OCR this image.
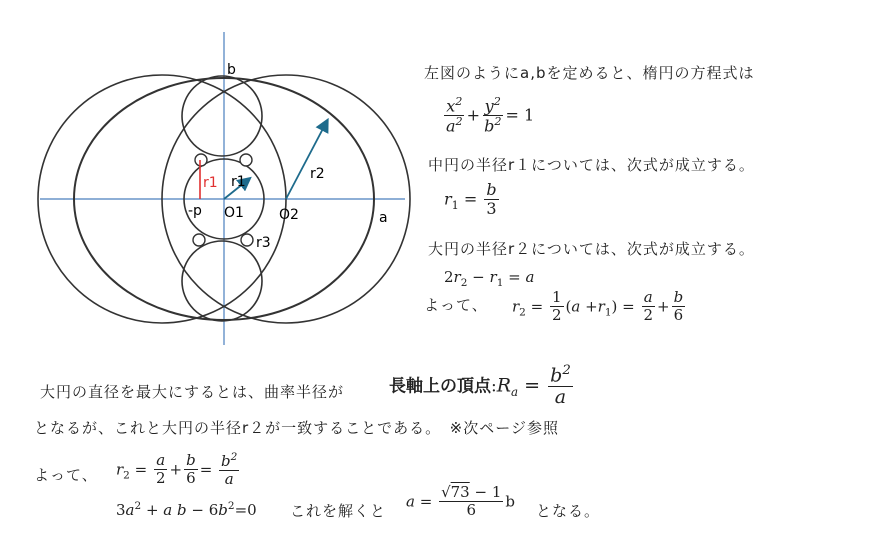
b
a
r1 r1	r2
r3
-p O1	O2
左図のようにa,bを定めると、楕円の方程式は
$\frac{x^2}{a^2} + \frac{y^2}{b^2} = 1$
中円の半径r１については、次式が成立する。
$r_1 = \frac{b}{3}$
大円の半径r２については、次式が成立する。
$2r_2 - r_1 = a$
よって、 $r_2 = \frac{1}{2} (a +r_1) = \frac{a}{2} + \frac{b}{6}$
大円の直径を最大にするとは、曲率半径が	長軸上の頂点$:R_a = \frac{b^2}{a}$
となるが、これと大円の半径r２が一致することである。　※次ページ参照
よって、 $r_2 = \frac{a}{2} + \frac{b}{6} = \frac{b^2}{a}$
$3a^2 + a$ $b - 6b^2=0$ これを解くと
$a = \frac{√73 - 1}{6}$ b
となる。
